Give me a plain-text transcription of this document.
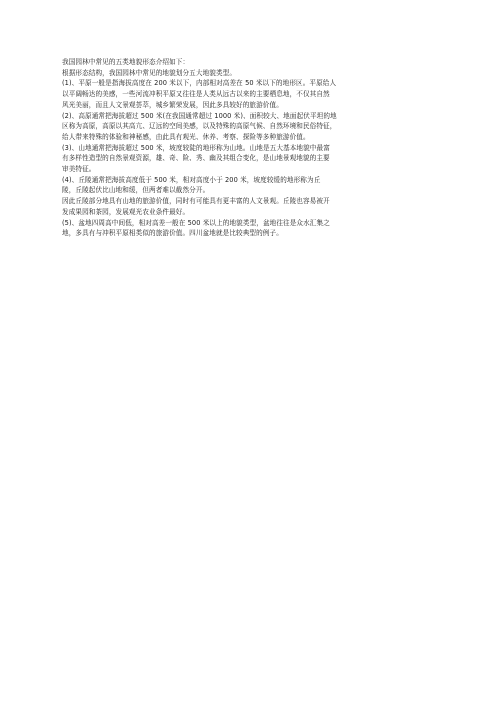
我国园林中常见的五类地貌形态介绍如下：
根据形态结构，我国园林中常见的地貌划分五大地貌类型。
(1)、平原一般是指海拔高度在 200 米以下，内部相对高差在 50 米以下的地形区。平原给人
以平阔畅达的美感，一些河流冲积平原又往往是人类从远古以来的主要栖息地，不仅其自然
风光美丽，而且人文景观荟萃，城乡繁荣发展，因此多具较好的旅游价值。
(2)、高原通常把海拔超过 500 米(在我国通常超过 1000 米)、面积较大、地面起伏平坦的地
区称为高原，高原以其高亢、辽远的空间美感，以及特殊的高原气候、自然环境和民俗特征，
给人带来特殊的体验和神秘感，由此具有观光、休养、考察、探险等多种旅游价值。
(3)、山地通常把海拔超过 500 米，坡度较陡的地形称为山地。山地是五大基本地貌中最富
有多样性造型的自然景观资源，雄、奇、险、秀、幽及其组合变化，是山地景观地貌的主要
审美特征。
(4)、丘陵通常把海拔高度低于 500 米，相对高度小于 200 米，坡度较缓的地形称为丘
陵，丘陵起伏比山地和缓，但两者难以截然分开。
因此丘陵部分地具有山地的旅游价值，同时有可能具有更丰富的人文景观。丘陵也容易被开
发成果园和茶园，发展观光农业条件最好。
(5)、盆地四周高中间低，相对高差一般在 500 米以上的地貌类型，盆地往往是众水汇集之
地，多具有与冲积平原相类似的旅游价值。四川盆地就是比较典型的例子。
